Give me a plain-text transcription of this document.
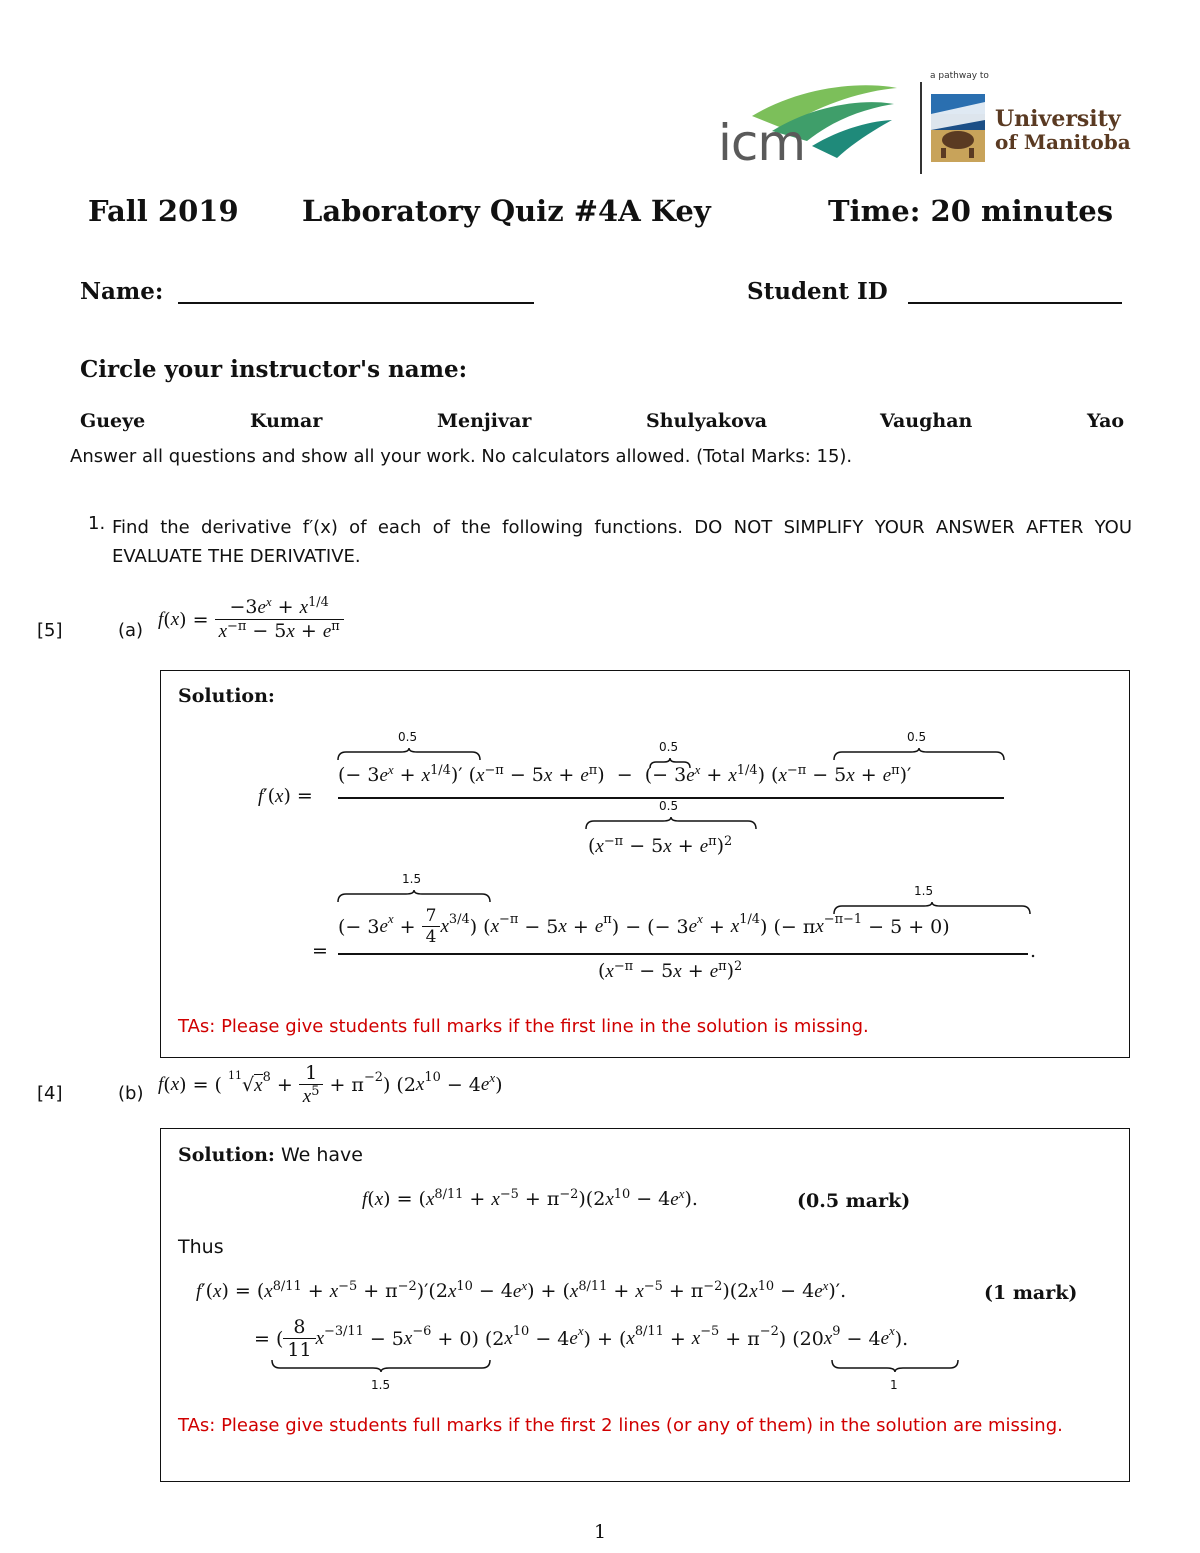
icm
a pathway to
University
of Manitoba
Fall 2019 Laboratory Quiz #4A Key	Time: 20 minutes
Name:	Student ID
Circle your instructor's name:
Gueye	Kumar	Menjivar	Shulyakova	Vaughan	Yao
Answer all questions and show all your work. No calculators allowed. (Total Marks: 15).
1. Find the derivative f′(x) of each of the following functions. DO NOT SIMPLIFY YOUR ANSWER AFTER YOU EVALUATE THE DERIVATIVE.
[5]	(a)
f ( x ) = $\frac{-3e^x + x^{1/4}}{x^{-\pi} - 5x + e^\pi}$
Solution:
f′(x) =
(− $3e^x + x^{1/4})'$ $(x^{-\pi} - 5x + e^\pi)$  −  (− $3e^x + x^{1/4}$) $(x^{-\pi} - 5x + e^\pi)'$
$(x^{-\pi} - 5x + e^\pi)^2$
0.5
0.5
0.5
0.5
=
(− 3 e $x + \frac{7}{4}$ x 3/4 ) ( x −π − 5 x + e π ) − (− 3 e x + x 1/4 ) (− π x −π−1 − 5 + 0)
.
$(x^{-\pi} - 5x + e^\pi)^2$
1.5
1.5
TAs: Please give students full marks if the first line in the solution is missing.
[4]	(b) f ( x ) = ( 11 √ x $8 + \frac{1}{x^5} + \pi -2$ ) (2 x 10 − 4 e x )
Solution: We have
$f(x) = (x^{8/11} + x^{-5} + \pi^{-2})(2x^{10} - 4e^x)$.	(0.5 mark)
Thus
$f'(x) = (x^{8/11} + x^{-5} + \pi^{-2})'(2x^{10} - 4e^x) + (x^{8/11} + x^{-5} + \pi^{-2})(2x^{10} - 4e^x)'$.	(1 mark)
= ( $\frac{8}{11}$ x −3/11 − 5 x −6 + 0) (2 x 10 − 4 e x ) + ( x 8/11 + x −5 + π −2 ) (20 x 9 − 4 e x ).
1.5	1
TAs: Please give students full marks if the first 2 lines (or any of them) in the solution are missing.
1
